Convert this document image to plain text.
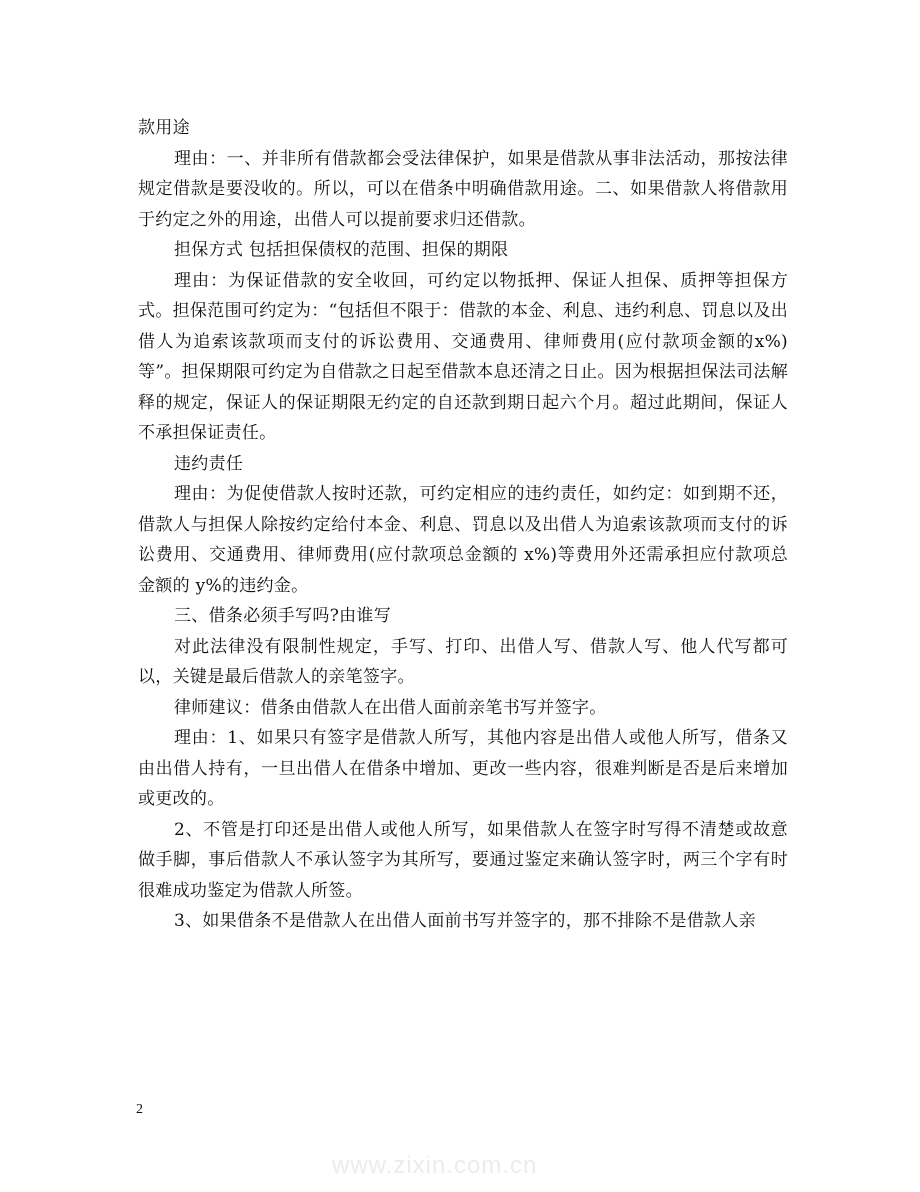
款用途

理由：一、并非所有借款都会受法律保护，如果是借款从事非法活动，那按法律规定借款是要没收的。所以，可以在借条中明确借款用途。二、如果借款人将借款用于约定之外的用途，出借人可以提前要求归还借款。

担保方式 包括担保债权的范围、担保的期限

理由：为保证借款的安全收回，可约定以物抵押、保证人担保、质押等担保方式。担保范围可约定为：“包括但不限于：借款的本金、利息、违约利息、罚息以及出借人为追索该款项而支付的诉讼费用、交通费用、律师费用(应付款项金额的x%)等”。担保期限可约定为自借款之日起至借款本息还清之日止。因为根据担保法司法解释的规定，保证人的保证期限无约定的自还款到期日起六个月。超过此期间，保证人不承担保证责任。

违约责任

理由：为促使借款人按时还款，可约定相应的违约责任，如约定：如到期不还，借款人与担保人除按约定给付本金、利息、罚息以及出借人为追索该款项而支付的诉讼费用、交通费用、律师费用(应付款项总金额的 x%)等费用外还需承担应付款项总金额的 y%的违约金。

三、借条必须手写吗?由谁写

对此法律没有限制性规定，手写、打印、出借人写、借款人写、他人代写都可以，关键是最后借款人的亲笔签字。

律师建议：借条由借款人在出借人面前亲笔书写并签字。

理由：1、如果只有签字是借款人所写，其他内容是出借人或他人所写，借条又由出借人持有，一旦出借人在借条中增加、更改一些内容，很难判断是否是后来增加或更改的。

2、不管是打印还是出借人或他人所写，如果借款人在签字时写得不清楚或故意做手脚，事后借款人不承认签字为其所写，要通过鉴定来确认签字时，两三个字有时很难成功鉴定为借款人所签。

3、如果借条不是借款人在出借人面前书写并签字的，那不排除不是借款人亲

2
www.zixin.com.cn
